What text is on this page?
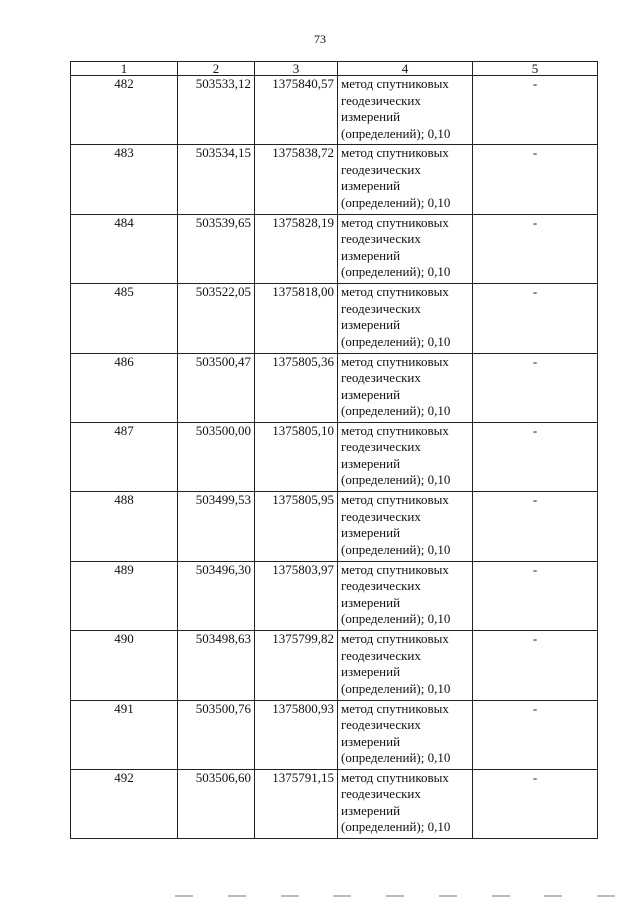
73
1	2	3	4	5
482	503533,12	1375840,57	метод спутниковых
геодезических
измерений
(определений); 0,10	-
483	503534,15	1375838,72	метод спутниковых
геодезических
измерений
(определений); 0,10	-
484	503539,65	1375828,19	метод спутниковых
геодезических
измерений
(определений); 0,10	-
485	503522,05	1375818,00	метод спутниковых
геодезических
измерений
(определений); 0,10	-
486	503500,47	1375805,36	метод спутниковых
геодезических
измерений
(определений); 0,10	-
487	503500,00	1375805,10	метод спутниковых
геодезических
измерений
(определений); 0,10	-
488	503499,53	1375805,95	метод спутниковых
геодезических
измерений
(определений); 0,10	-
489	503496,30	1375803,97	метод спутниковых
геодезических
измерений
(определений); 0,10	-
490	503498,63	1375799,82	метод спутниковых
геодезических
измерений
(определений); 0,10	-
491	503500,76	1375800,93	метод спутниковых
геодезических
измерений
(определений); 0,10	-
492	503506,60	1375791,15	метод спутниковых
геодезических
измерений
(определений); 0,10	-
